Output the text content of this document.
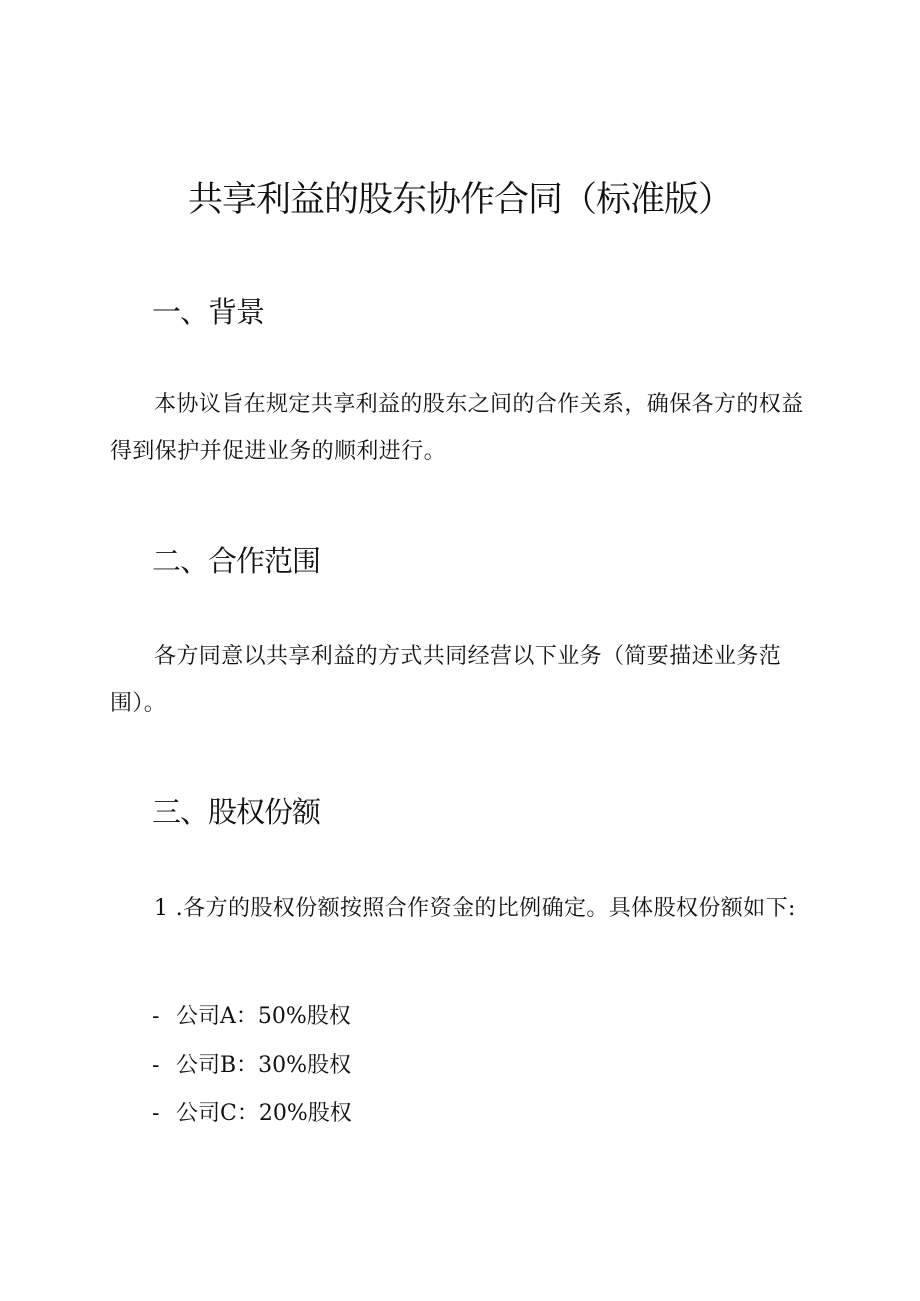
共享利益的股东协作合同（标准版）
一、背景
本协议旨在规定共享利益的股东之间的合作关系，确保各方的权益得到保护并促进业务的顺利进行。
二、合作范围
各方同意以共享利益的方式共同经营以下业务（简要描述业务范围）。
三、股权份额
1 .各方的股权份额按照合作资金的比例确定。具体股权份额如下:
- 公司A：50%股权
- 公司B：30%股权
- 公司C：20%股权
